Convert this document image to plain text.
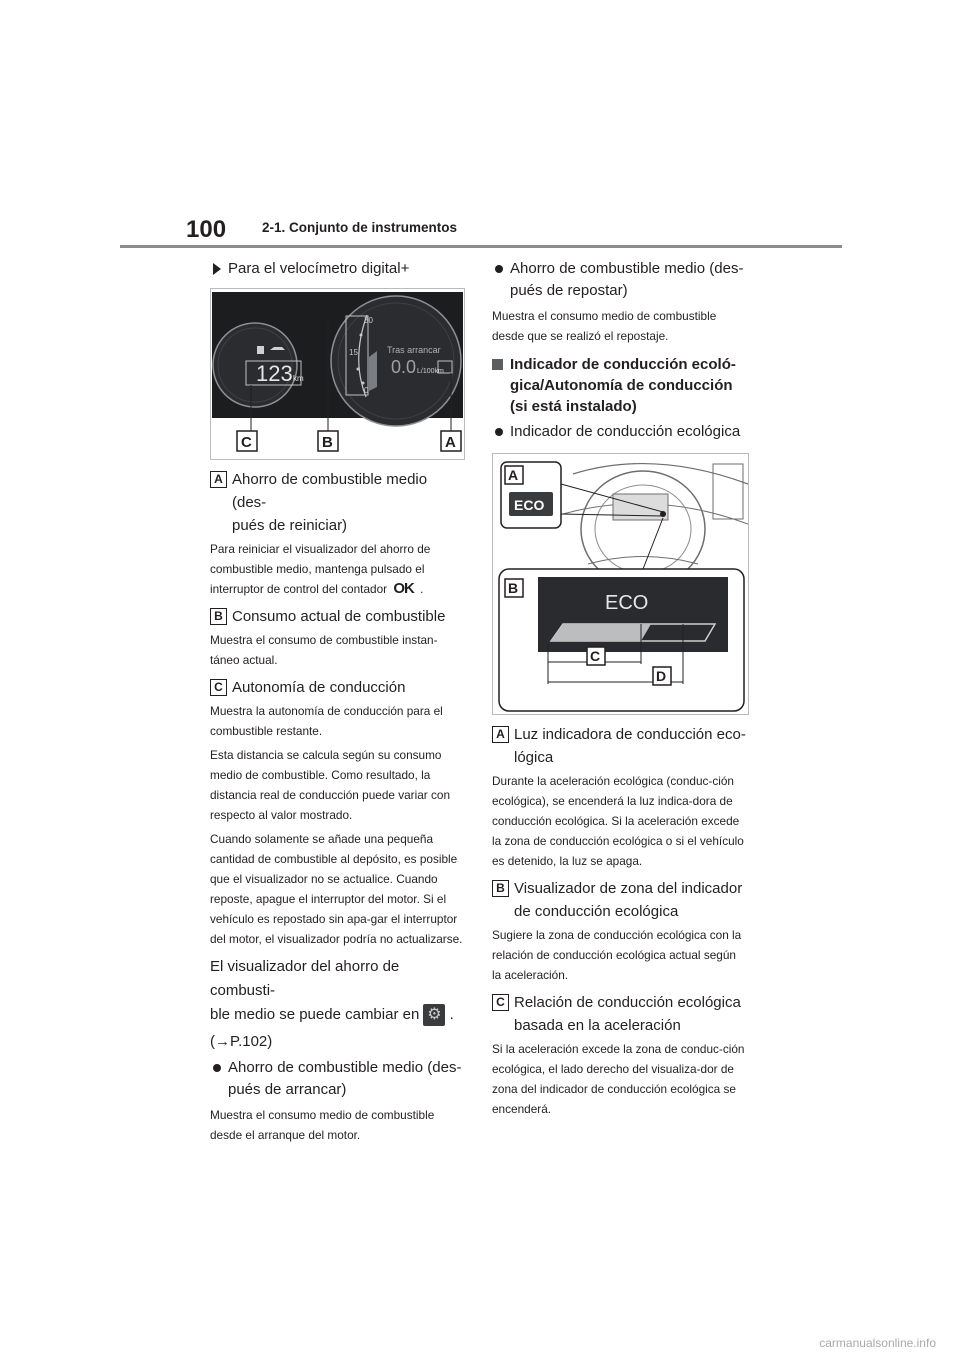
100	2-1. Conjunto de instrumentos
Para el velocímetro digital+
123 km
30
15
0
Tras arrancar
0.0 L/100km
C	B	A
A Ahorro de combustible medio (des-
pués de reiniciar)
Para reiniciar el visualizador del ahorro de combustible medio, mantenga pulsado el
interruptor de control del contador OK .
B Consumo actual de combustible
Muestra el consumo de combustible instan-táneo actual.
C Autonomía de conducción
Muestra la autonomía de conducción para el combustible restante.
Esta distancia se calcula según su consumo medio de combustible. Como resultado, la distancia real de conducción puede variar con respecto al valor mostrado.
Cuando solamente se añade una pequeña cantidad de combustible al depósito, es posible que el visualizador no se actualice. Cuando reposte, apague el interruptor del motor. Si el vehículo es repostado sin apa-gar el interruptor del motor, el visualizador podría no actualizarse.
El visualizador del ahorro de combusti-
ble medio se puede cambiar en ⚙ .
(→P.102)
Ahorro de combustible medio (des-
pués de arrancar)
Muestra el consumo medio de combustible desde el arranque del motor.
Ahorro de combustible medio (des-
pués de repostar)
Muestra el consumo medio de combustible desde que se realizó el repostaje.
Indicador de conducción ecoló-gica/Autonomía de conducción (si está instalado)
Indicador de conducción ecológica
A
ECO
B
ECO
C
D
A Luz indicadora de conducción eco-
lógica
Durante la aceleración ecológica (conduc-ción ecológica), se encenderá la luz indica-dora de conducción ecológica. Si la aceleración excede la zona de conducción ecológica o si el vehículo es detenido, la luz se apaga.
B Visualizador de zona del indicador
de conducción ecológica
Sugiere la zona de conducción ecológica con la relación de conducción ecológica actual según la aceleración.
C Relación de conducción ecológica
basada en la aceleración
Si la aceleración excede la zona de conduc-ción ecológica, el lado derecho del visualiza-dor de zona del indicador de conducción ecológica se encenderá.
carmanualsonline.info
